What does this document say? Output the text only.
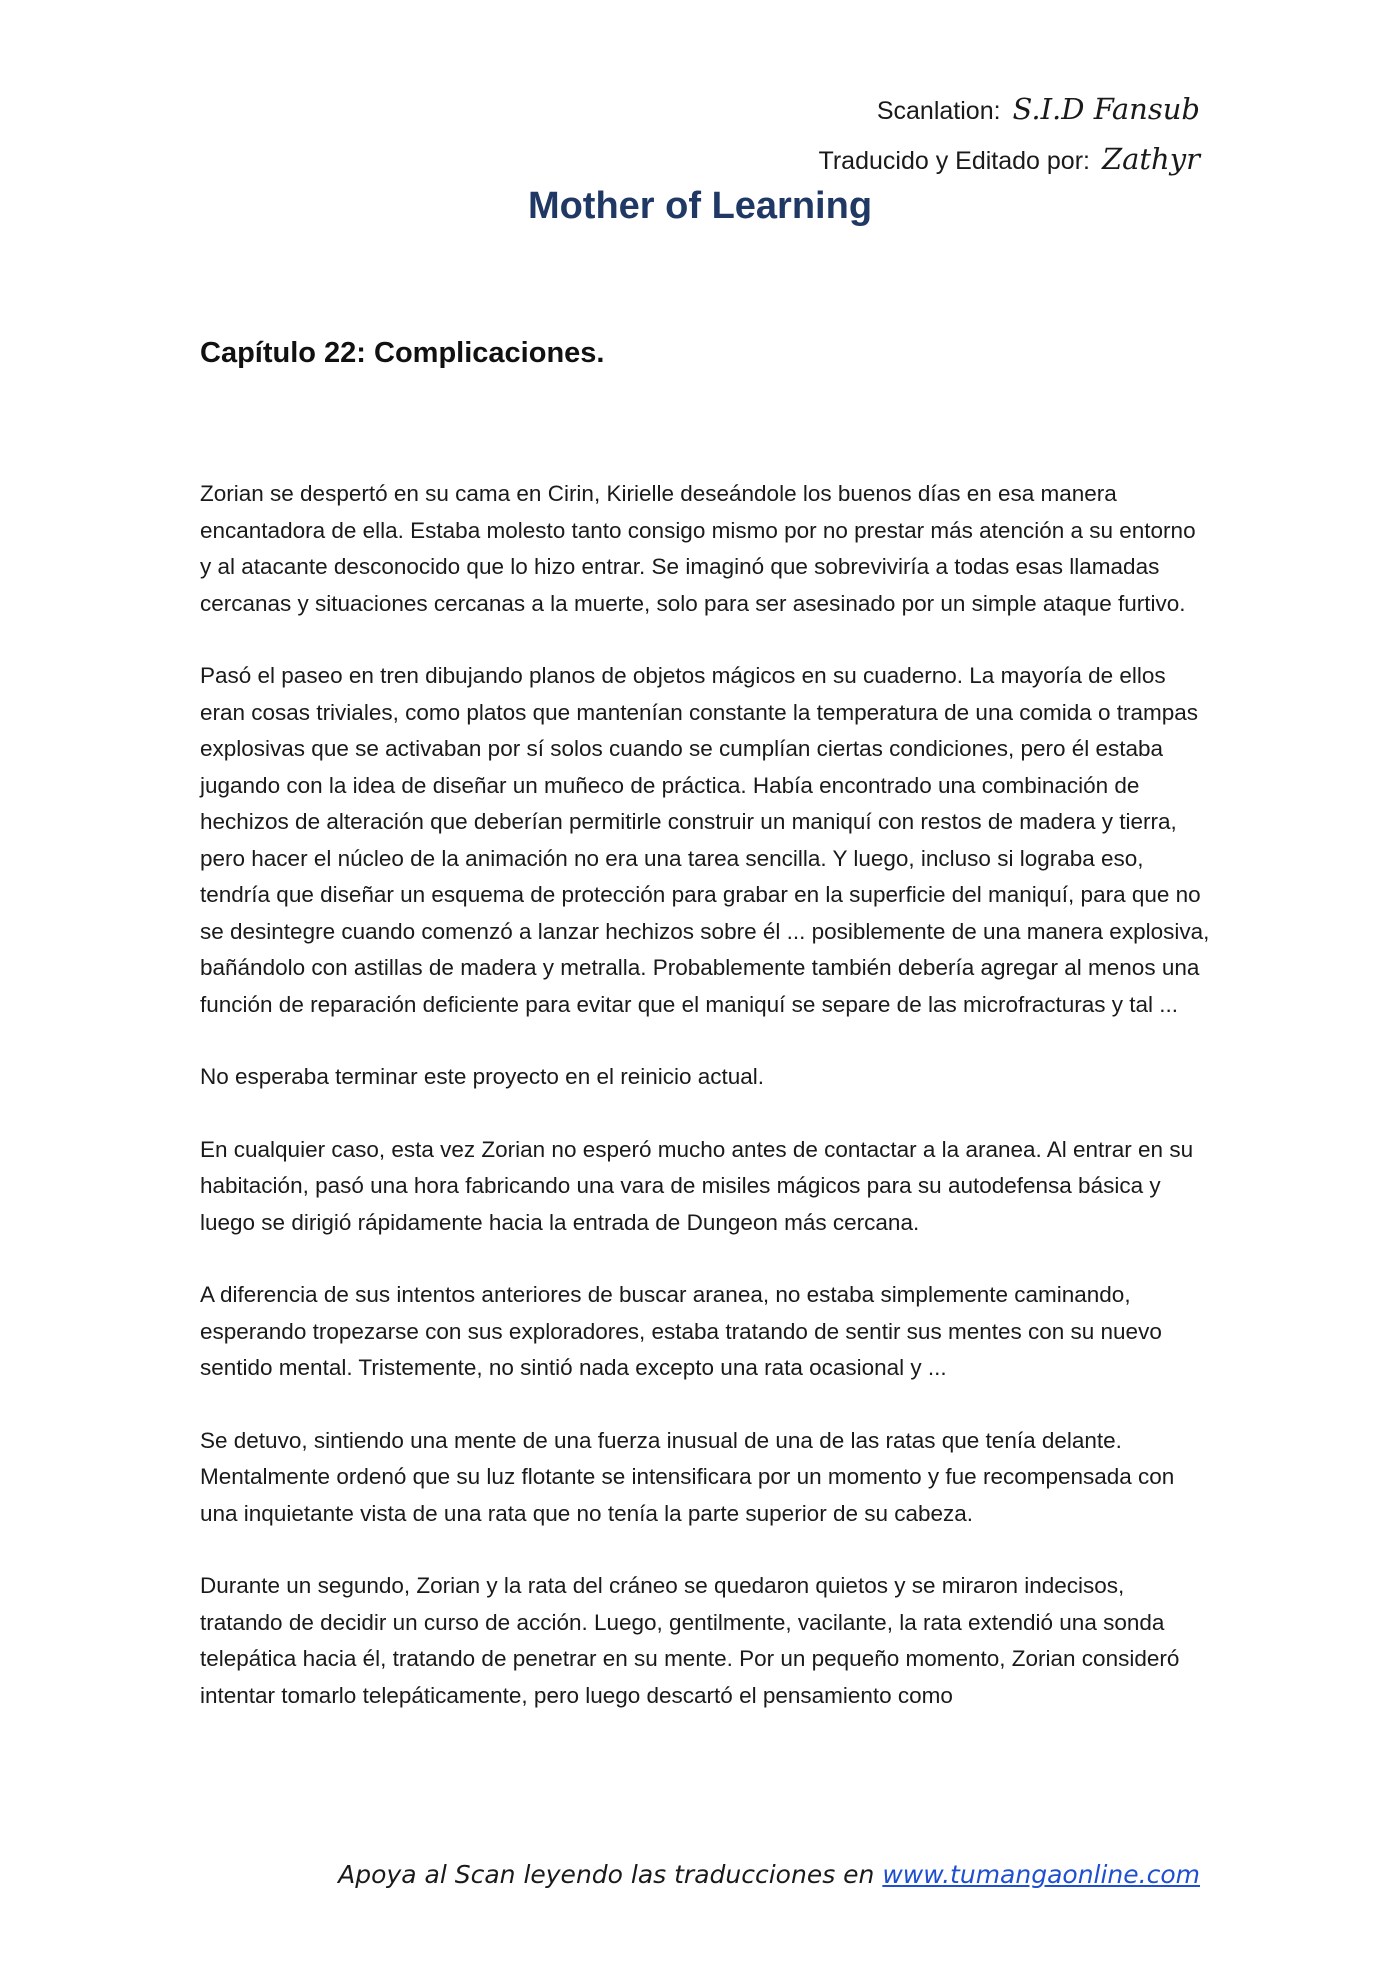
Scanlation: S.I.D Fansub
Traducido y Editado por: Zathyr
Mother of Learning
Capítulo 22: Complicaciones.

Zorian se despertó en su cama en Cirin, Kirielle deseándole los buenos días en esa manera encantadora de ella. Estaba molesto tanto consigo mismo por no prestar más atención a su entorno y al atacante desconocido que lo hizo entrar. Se imaginó que sobreviviría a todas esas llamadas cercanas y situaciones cercanas a la muerte, solo para ser asesinado por un simple ataque furtivo.

Pasó el paseo en tren dibujando planos de objetos mágicos en su cuaderno. La mayoría de ellos eran cosas triviales, como platos que mantenían constante la temperatura de una comida o trampas explosivas que se activaban por sí solos cuando se cumplían ciertas condiciones, pero él estaba jugando con la idea de diseñar un muñeco de práctica. Había encontrado una combinación de hechizos de alteración que deberían permitirle construir un maniquí con restos de madera y tierra, pero hacer el núcleo de la animación no era una tarea sencilla. Y luego, incluso si lograba eso, tendría que diseñar un esquema de protección para grabar en la superficie del maniquí, para que no se desintegre cuando comenzó a lanzar hechizos sobre él ... posiblemente de una manera explosiva, bañándolo con astillas de madera y metralla. Probablemente también debería agregar al menos una función de reparación deficiente para evitar que el maniquí se separe de las microfracturas y tal ...

No esperaba terminar este proyecto en el reinicio actual.

En cualquier caso, esta vez Zorian no esperó mucho antes de contactar a la aranea. Al entrar en su habitación, pasó una hora fabricando una vara de misiles mágicos para su autodefensa básica y luego se dirigió rápidamente hacia la entrada de Dungeon más cercana.

A diferencia de sus intentos anteriores de buscar aranea, no estaba simplemente caminando, esperando tropezarse con sus exploradores, estaba tratando de sentir sus mentes con su nuevo sentido mental. Tristemente, no sintió nada excepto una rata ocasional y ...

Se detuvo, sintiendo una mente de una fuerza inusual de una de las ratas que tenía delante. Mentalmente ordenó que su luz flotante se intensificara por un momento y fue recompensada con una inquietante vista de una rata que no tenía la parte superior de su cabeza.

Durante un segundo, Zorian y la rata del cráneo se quedaron quietos y se miraron indecisos, tratando de decidir un curso de acción. Luego, gentilmente, vacilante, la rata extendió una sonda telepática hacia él, tratando de penetrar en su mente. Por un pequeño momento, Zorian consideró intentar tomarlo telepáticamente, pero luego descartó el pensamiento como

Apoya al Scan leyendo las traducciones en www.tumangaonline.com
